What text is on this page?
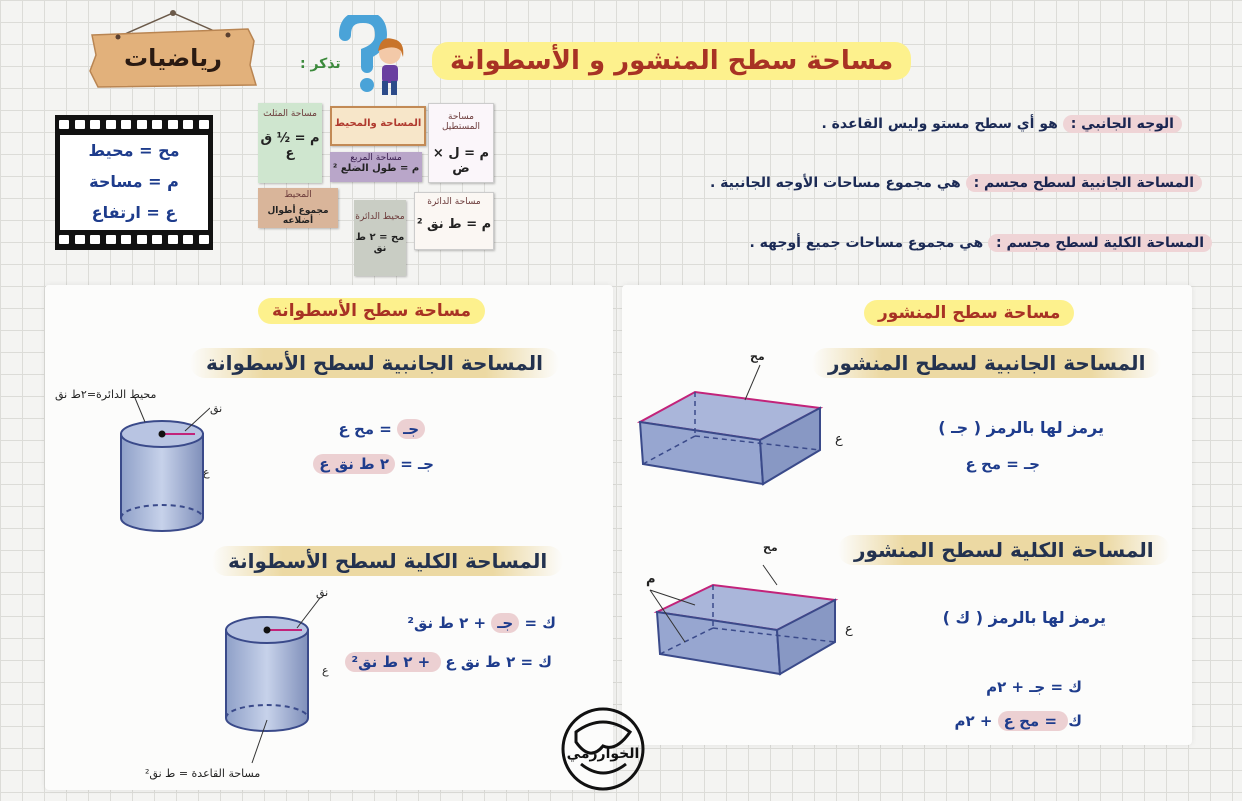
رياضيات	تذكر :	مساحة سطح المنشور و الأسطوانة
مح = محيط
م = مساحة
ع = ارتفاع
مساحة المثلث
م = ½ ق ع
المساحة والمحيط
مساحة المستطيل
م = ل × ض
مساحة المربع
م = طول الضلع ²
المحيط
مجموع أطوال أضلاعه	محيط الدائرة
مح = ٢ ط نق
مساحة الدائرة
م = ط نق ²
الوجه الجانبي : هو أي سطح مستو وليس القاعدة .
المساحة الجانبية لسطح مجسم : هي مجموع مساحات الأوجه الجانبية .
المساحة الكلية لسطح مجسم : هي مجموع مساحات جميع أوجهه .
مساحة سطح الأسطوانة
المساحة الجانبية لسطح الأسطوانة
محيط الدائرة=٢ط نق
نق
ع
جـ = مح ع
جـ = ٢ ط نق ع
المساحة الكلية لسطح الأسطوانة
نق
ع
مساحة القاعدة = ط نق²
ك = جـ + ٢ ط نق²
ك = ٢ ط نق ع + ٢ ط نق²
مساحة سطح المنشور
المساحة الجانبية لسطح المنشور
مح
ع
يرمز لها بالرمز ( جـ )
جـ = مح ع
المساحة الكلية لسطح المنشور
مح
م
ع
يرمز لها بالرمز ( ك )
ك = جـ + ٢م
ك = مح ع + ٢م
الخوارزمي
